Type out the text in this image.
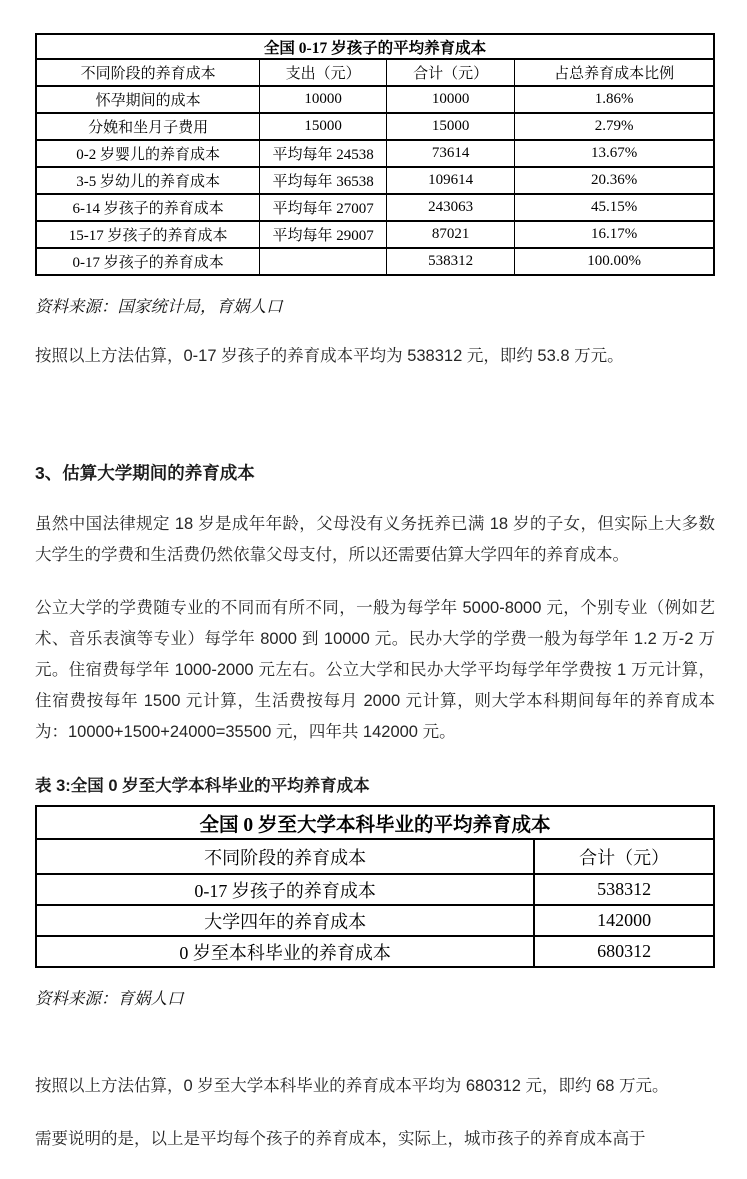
全国 0-17 岁孩子的平均养育成本			
不同阶段的养育成本	支出（元）	合计（元）	占总养育成本比例
怀孕期间的成本	10000	10000	1.86%
分娩和坐月子费用	15000	15000	2.79%
0-2 岁婴儿的养育成本	平均每年 24538	73614	13.67%
3-5 岁幼儿的养育成本	平均每年 36538	109614	20.36%
6-14 岁孩子的养育成本	平均每年 27007	243063	45.15%
15-17 岁孩子的养育成本	平均每年 29007	87021	16.17%
0-17 岁孩子的养育成本		538312	100.00%

资料来源：国家统计局，育娲人口

按照以上方法估算，0-17 岁孩子的养育成本平均为 538312 元，即约 53.8 万元。

3、估算大学期间的养育成本

虽然中国法律规定 18 岁是成年年龄，父母没有义务抚养已满 18 岁的子女，但实际上大多数大学生的学费和生活费仍然依靠父母支付，所以还需要估算大学四年的养育成本。

公立大学的学费随专业的不同而有所不同，一般为每学年 5000-8000 元，个别专业（例如艺术、音乐表演等专业）每学年 8000 到 10000 元。民办大学的学费一般为每学年 1.2 万-2 万元。住宿费每学年 1000-2000 元左右。公立大学和民办大学平均每学年学费按 1 万元计算，住宿费按每年 1500 元计算，生活费按每月 2000 元计算，则大学本科期间每年的养育成本为：10000+1500+24000=35500 元，四年共 142000 元。

表 3:全国 0 岁至大学本科毕业的平均养育成本

全国 0 岁至大学本科毕业的平均养育成本	
不同阶段的养育成本	合计（元）
0-17 岁孩子的养育成本	538312
大学四年的养育成本	142000
0 岁至本科毕业的养育成本	680312

资料来源：育娲人口

按照以上方法估算，0 岁至大学本科毕业的养育成本平均为 680312 元，即约 68 万元。

需要说明的是，以上是平均每个孩子的养育成本，实际上，城市孩子的养育成本高于
